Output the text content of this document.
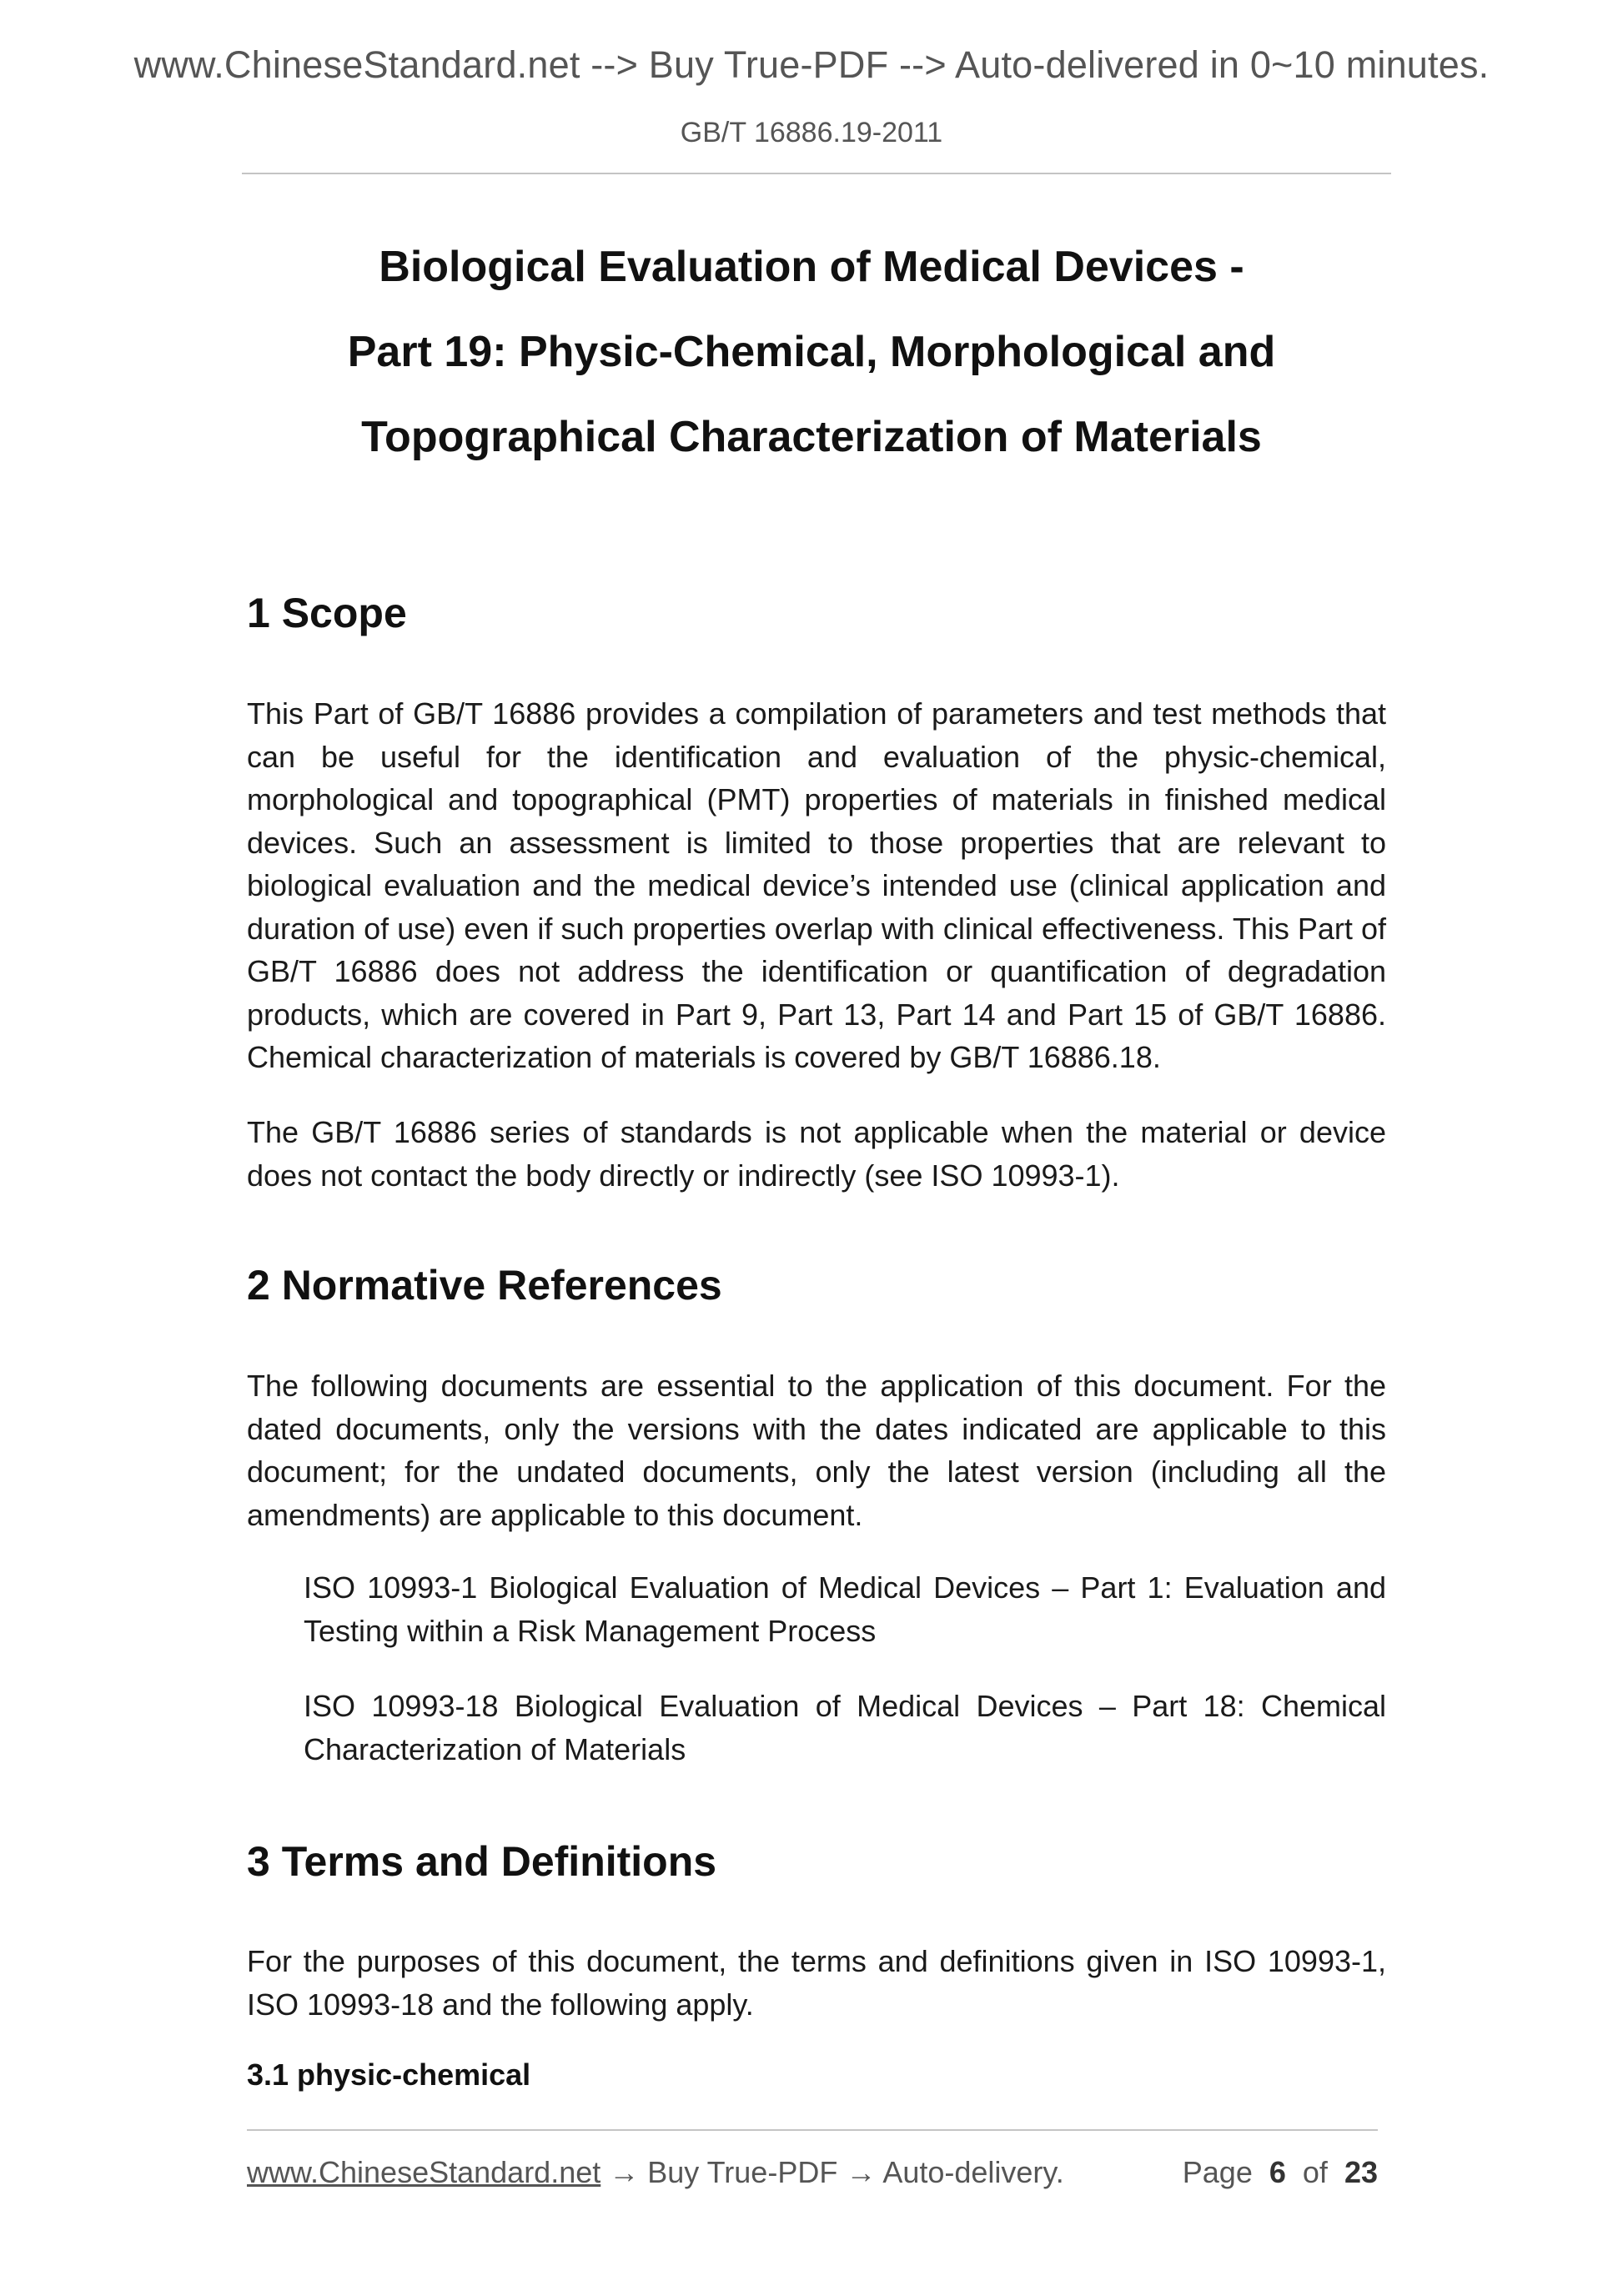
www.ChineseStandard.net --> Buy True-PDF --> Auto-delivered in 0~10 minutes.
GB/T 16886.19-2011
Biological Evaluation of Medical Devices -
Part 19: Physic-Chemical, Morphological and
Topographical Characterization of Materials
1 Scope
This Part of GB/T 16886 provides a compilation of parameters and test methods that can be useful for the identification and evaluation of the physic-chemical, morphological and topographical (PMT) properties of materials in finished medical devices. Such an assessment is limited to those properties that are relevant to biological evaluation and the medical device’s intended use (clinical application and duration of use) even if such properties overlap with clinical effectiveness. This Part of GB/T 16886 does not address the identification or quantification of degradation products, which are covered in Part 9, Part 13, Part 14 and Part 15 of GB/T 16886. Chemical characterization of materials is covered by GB/T 16886.18.
The GB/T 16886 series of standards is not applicable when the material or device does not contact the body directly or indirectly (see ISO 10993-1).
2 Normative References
The following documents are essential to the application of this document. For the dated documents, only the versions with the dates indicated are applicable to this document; for the undated documents, only the latest version (including all the amendments) are applicable to this document.
ISO 10993-1 Biological Evaluation of Medical Devices – Part 1: Evaluation and Testing within a Risk Management Process
ISO 10993-18 Biological Evaluation of Medical Devices – Part 18: Chemical Characterization of Materials
3 Terms and Definitions
For the purposes of this document, the terms and definitions given in ISO 10993-1, ISO 10993-18 and the following apply.
3.1 physic-chemical
www.ChineseStandard.net → Buy True-PDF → Auto-delivery.	Page 6 of 23
